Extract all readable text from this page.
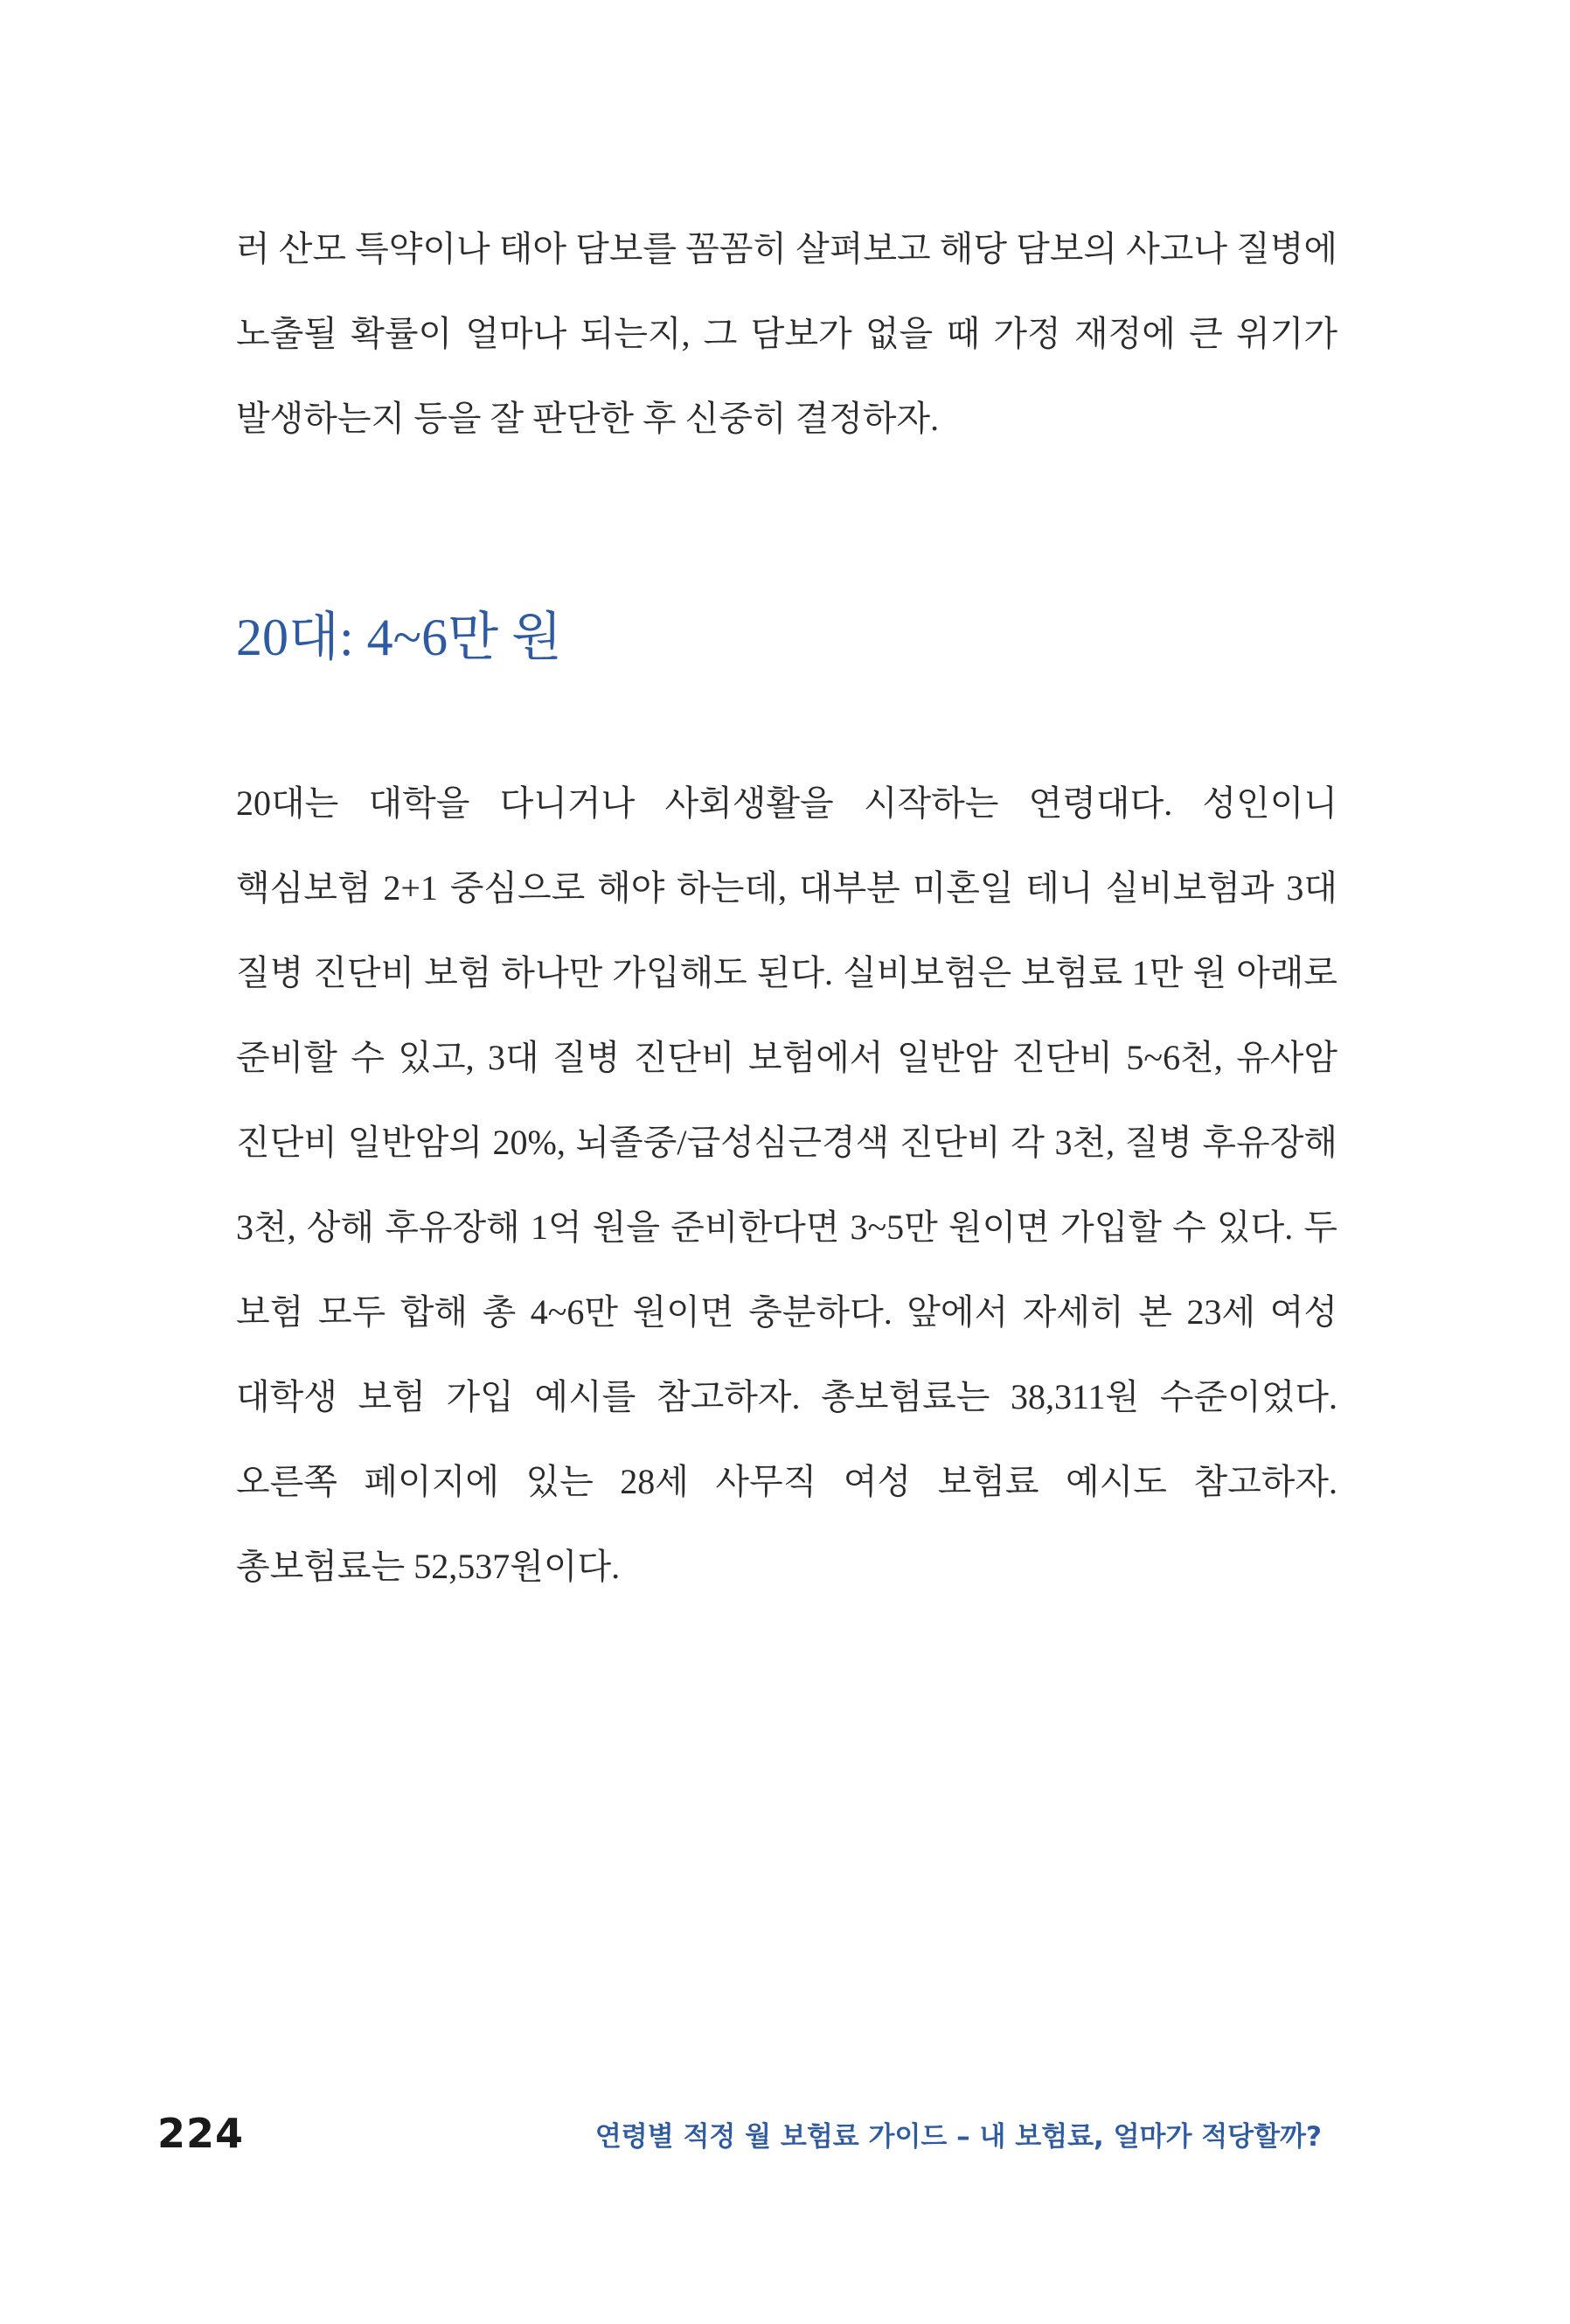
러 산모 특약이나 태아 담보를 꼼꼼히 살펴보고 해당 담보의 사고나 질병에 노출될 확률이 얼마나 되는지, 그 담보가 없을 때 가정 재정에 큰 위기가 발생하는지 등을 잘 판단한 후 신중히 결정하자.

20대: 4~6만 원

20대는 대학을 다니거나 사회생활을 시작하는 연령대다. 성인이니 핵심보험 2+1 중심으로 해야 하는데, 대부분 미혼일 테니 실비보험과 3대 질병 진단비 보험 하나만 가입해도 된다. 실비보험은 보험료 1만 원 아래로 준비할 수 있고, 3대 질병 진단비 보험에서 일반암 진단비 5~6천, 유사암 진단비 일반암의 20%, 뇌졸중/급성심근경색 진단비 각 3천, 질병 후유장해 3천, 상해 후유장해 1억 원을 준비한다면 3~5만 원이면 가입할 수 있다. 두 보험 모두 합해 총 4~6만 원이면 충분하다. 앞에서 자세히 본 23세 여성 대학생 보험 가입 예시를 참고하자. 총보험료는 38,311원 수준이었다. 오른쪽 페이지에 있는 28세 사무직 여성 보험료 예시도 참고하자. 총보험료는 52,537원이다.

224	연령별 적정 월 보험료 가이드 – 내 보험료, 얼마가 적당할까?
